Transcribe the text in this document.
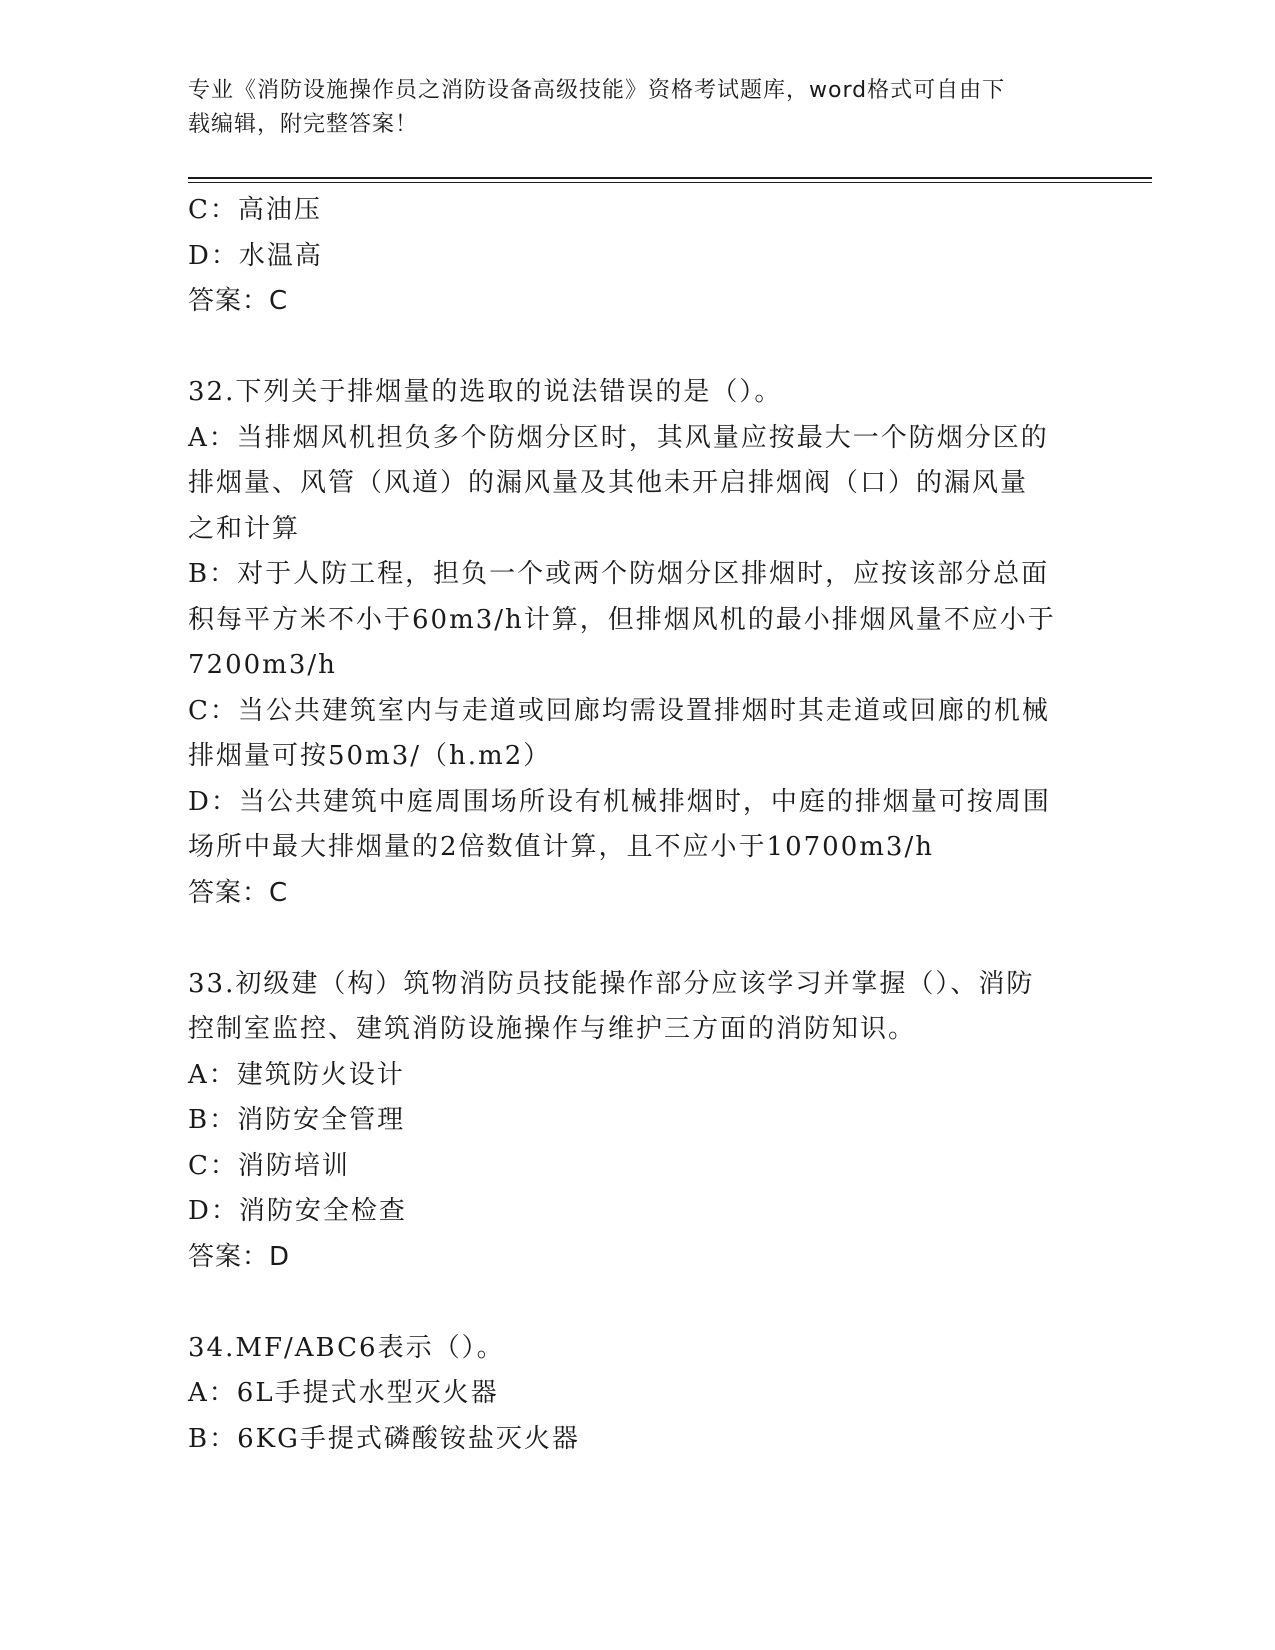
专业《消防设施操作员之消防设备高级技能》资格考试题库，word格式可自由下
载编辑，附完整答案！
C：高油压
D：水温高
答案：C
32.下列关于排烟量的选取的说法错误的是（）。
A：当排烟风机担负多个防烟分区时，其风量应按最大一个防烟分区的
排烟量、风管（风道）的漏风量及其他未开启排烟阀（口）的漏风量
之和计算
B：对于人防工程，担负一个或两个防烟分区排烟时，应按该部分总面
积每平方米不小于60m3/h计算，但排烟风机的最小排烟风量不应小于
7200m3/h
C：当公共建筑室内与走道或回廊均需设置排烟时其走道或回廊的机械
排烟量可按50m3/（h.m2）
D：当公共建筑中庭周围场所设有机械排烟时，中庭的排烟量可按周围
场所中最大排烟量的2倍数值计算，且不应小于10700m3/h
答案：C
33.初级建（构）筑物消防员技能操作部分应该学习并掌握（）、消防
控制室监控、建筑消防设施操作与维护三方面的消防知识。
A：建筑防火设计
B：消防安全管理
C：消防培训
D：消防安全检查
答案：D
34.MF/ABC6表示（）。
A：6L手提式水型灭火器
B：6KG手提式磷酸铵盐灭火器
